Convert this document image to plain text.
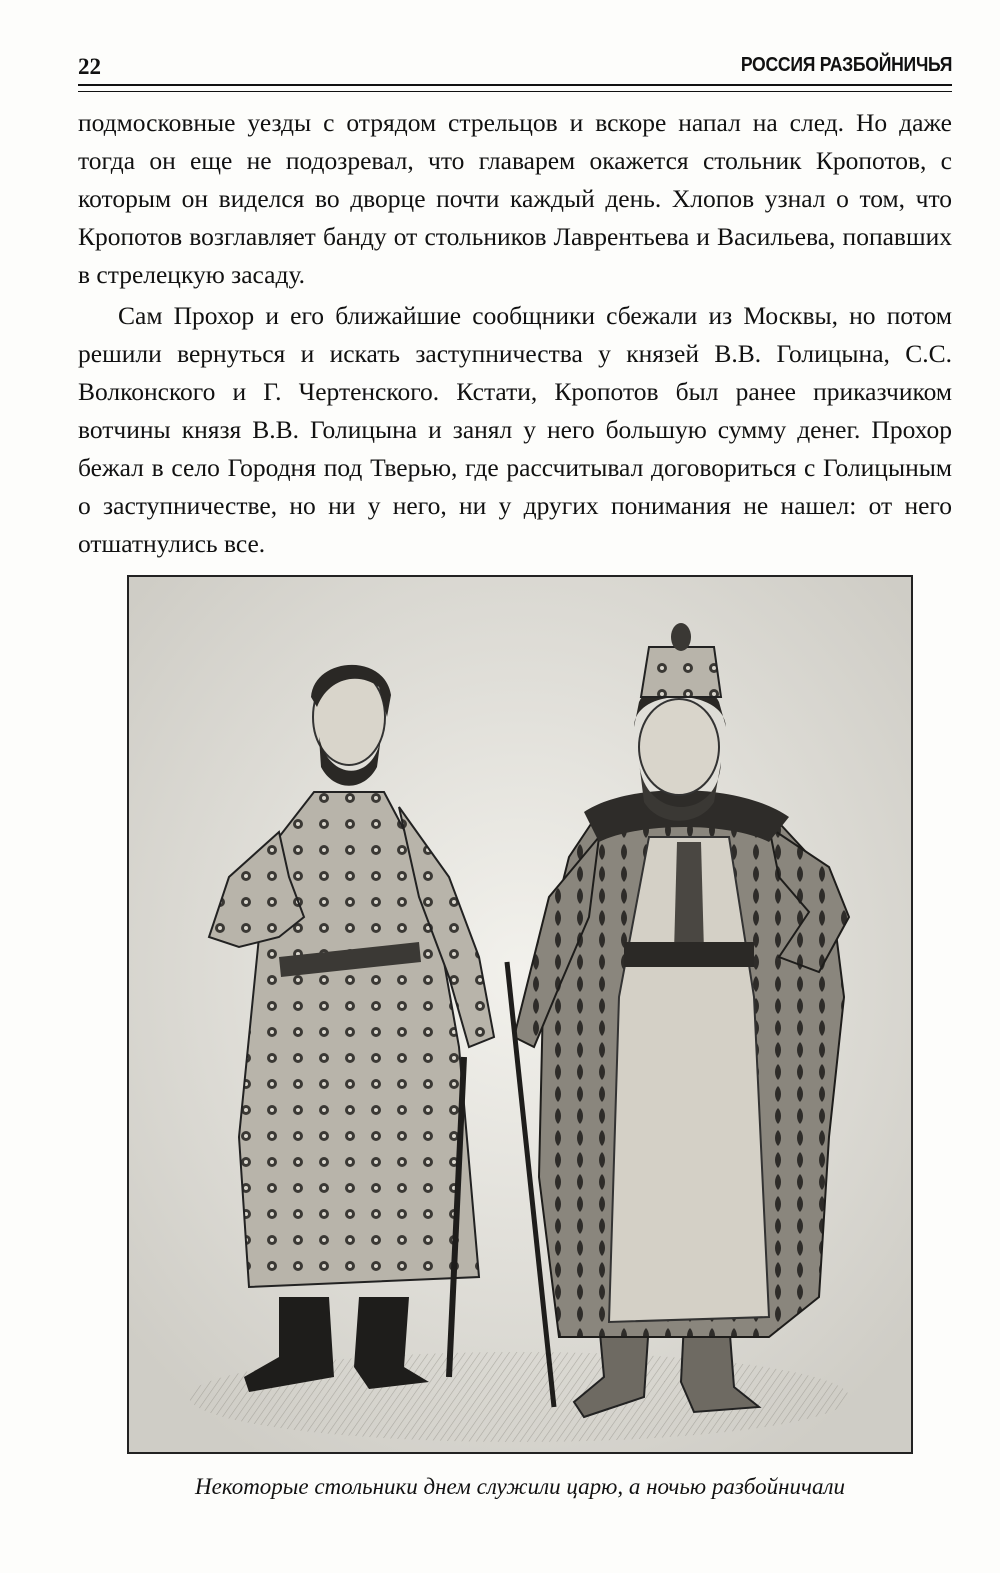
22	РОССИЯ РАЗБОЙНИЧЬЯ

подмосковные уезды с отрядом стрельцов и вскоре напал на след. Но даже тогда он еще не подозревал, что главарем окажется стольник Кропотов, с которым он виделся во дворце почти каждый день. Хлопов узнал о том, что Кропотов возглавляет банду от стольников Лаврентьева и Васильева, попавших в стрелецкую засаду.

Сам Прохор и его ближайшие сообщники сбежали из Москвы, но потом решили вернуться и искать заступничества у князей В.В. Голицына, С.С. Волконского и Г. Чертенского. Кстати, Кропотов был ранее приказчиком вотчины князя В.В. Голицына и занял у него большую сумму денег. Прохор бежал в село Городня под Тверью, где рассчитывал договориться с Голицыным о заступничестве, но ни у него, ни у других понимания не нашел: от него отшатнулись все.

Некоторые стольники днем служили царю, а ночью разбойничали
